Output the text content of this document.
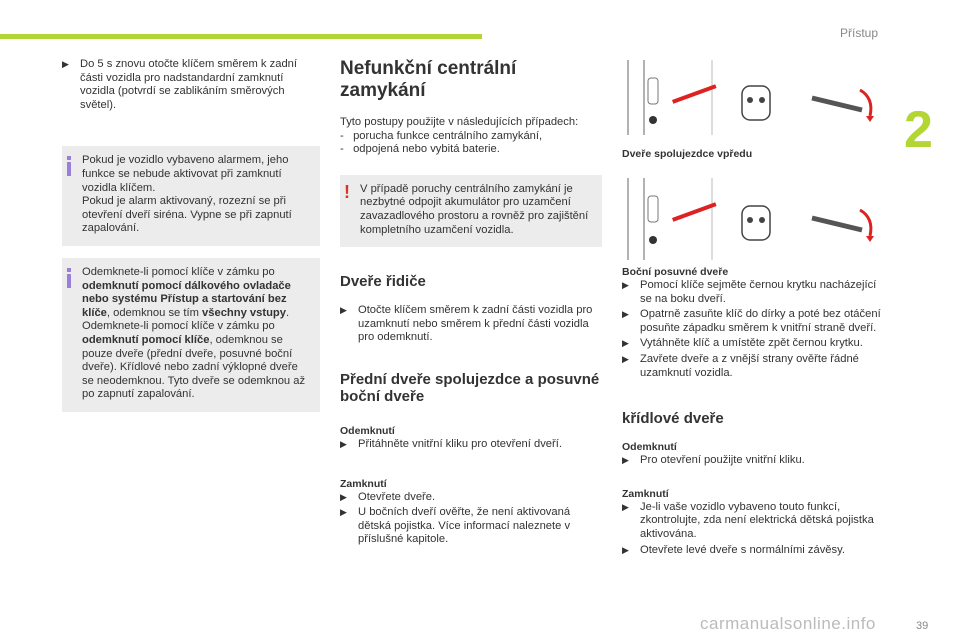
Přístup
2
▶ Do 5 s znovu otočte klíčem směrem k zadní části vozidla pro nadstandardní zamknutí vozidla (potvrdí se zablikáním směrových světel).
Pokud je vozidlo vybaveno alarmem, jeho funkce se nebude aktivovat při zamknutí vozidla klíčem.
Pokud je alarm aktivovaný, rozezní se při otevření dveří siréna. Vypne se při zapnutí zapalování.
Odemknete-li pomocí klíče v zámku po odemknutí pomocí dálkového ovladače nebo systému Přístup a startování bez klíče, odemknou se tím všechny vstupy.
Odemknete-li pomocí klíče v zámku po odemknutí pomocí klíče, odemknou se pouze dveře (přední dveře, posuvné boční dveře). Křídlové nebo zadní výklopné dveře se neodemknou. Tyto dveře se odemknou až po zapnutí zapalování.
Nefunkční centrální zamykání
Tyto postupy použijte v následujících případech:
-   porucha funkce centrálního zamykání,
-   odpojená nebo vybitá baterie.
! V případě poruchy centrálního zamykání je nezbytné odpojit akumulátor pro uzamčení zavazadlového prostoru a rovněž pro zajištění kompletního uzamčení vozidla.
Dveře řidiče
▶ Otočte klíčem směrem k zadní části vozidla pro uzamknutí nebo směrem k přední části vozidla pro odemknutí.
Přední dveře spolujezdce a posuvné boční dveře
Odemknutí
▶ Přitáhněte vnitřní kliku pro otevření dveří.
Zamknutí
▶ Otevřete dveře.
▶ U bočních dveří ověřte, že není aktivovaná dětská pojistka. Více informací naleznete v příslušné kapitole.
Dveře spolujezdce vpředu
Boční posuvné dveře
▶ Pomocí klíče sejměte černou krytku nacházející se na boku dveří.
▶ Opatrně zasuňte klíč do dírky a poté bez otáčení posuňte západku směrem k vnitřní straně dveří.
▶ Vytáhněte klíč a umístěte zpět černou krytku.
▶ Zavřete dveře a z vnější strany ověřte řádné uzamknutí vozidla.
křídlové dveře
Odemknutí
▶ Pro otevření použijte vnitřní kliku.
Zamknutí
▶ Je-li vaše vozidlo vybaveno touto funkcí, zkontrolujte, zda není elektrická dětská pojistka aktivována.
▶ Otevřete levé dveře s normálními závěsy.
carmanualsonline.info	39
